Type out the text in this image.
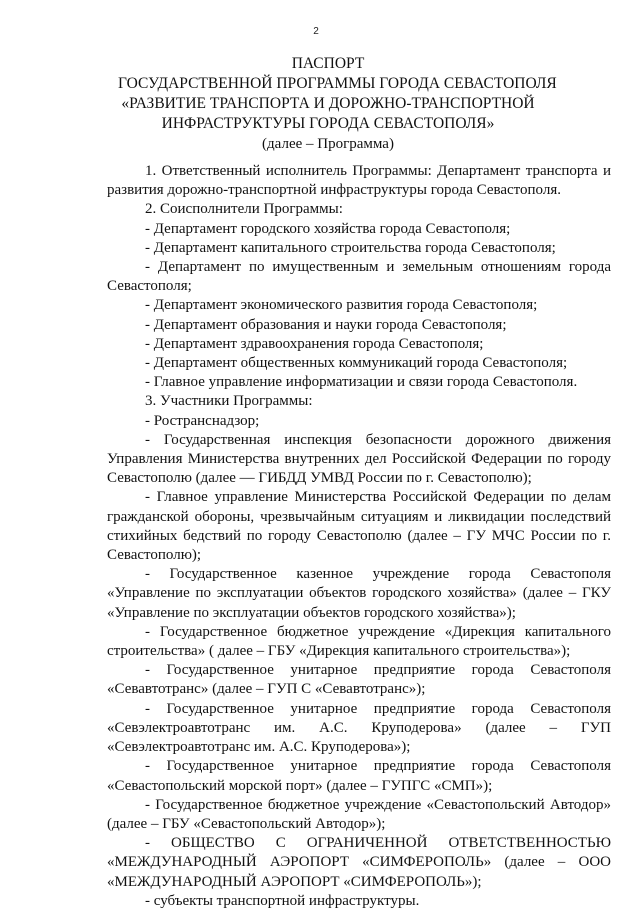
2
ПАСПОРТ
ГОСУДАРСТВЕННОЙ ПРОГРАММЫ ГОРОДА СЕВАСТОПОЛЯ
«РАЗВИТИЕ ТРАНСПОРТА И ДОРОЖНО-ТРАНСПОРТНОЙ
ИНФРАСТРУКТУРЫ ГОРОДА СЕВАСТОПОЛЯ»
(далее – Программа)

1. Ответственный исполнитель Программы: Департамент транспорта и развития дорожно-транспортной инфраструктуры города Севастополя.

2. Соисполнители Программы:

- Департамент городского хозяйства города Севастополя;

- Департамент капитального строительства города Севастополя;

- Департамент по имущественным и земельным отношениям города Севастополя;

- Департамент экономического развития города Севастополя;

- Департамент образования и науки города Севастополя;

- Департамент здравоохранения города Севастополя;

- Департамент общественных коммуникаций города Севастополя;

- Главное управление информатизации и связи города Севастополя.

3. Участники Программы:

- Ространснадзор;

- Государственная инспекция безопасности дорожного движения Управления Министерства внутренних дел Российской Федерации по городу Севастополю (далее — ГИБДД УМВД России по г. Севастополю);

- Главное управление Министерства Российской Федерации по делам гражданской обороны, чрезвычайным ситуациям и ликвидации последствий стихийных бедствий по городу Севастополю (далее – ГУ МЧС России по г. Севастополю);

- Государственное казенное учреждение города Севастополя «Управление по эксплуатации объектов городского хозяйства» (далее – ГКУ «Управление по эксплуатации объектов городского хозяйства»);

- Государственное бюджетное учреждение «Дирекция капитального строительства» ( далее – ГБУ «Дирекция капитального строительства»);

- Государственное унитарное предприятие города Севастополя «Севавтотранс» (далее – ГУП С «Севавтотранс»);

- Государственное унитарное предприятие города Севастополя «Севэлектроавтотранс им. А.С. Круподерова» (далее – ГУП «Севэлектроавтотранс им. А.С. Круподерова»);

- Государственное унитарное предприятие города Севастополя «Севастопольский морской порт» (далее – ГУПГС «СМП»);

- Государственное бюджетное учреждение «Севастопольский Автодор» (далее – ГБУ «Севастопольский Автодор»);

- ОБЩЕСТВО С ОГРАНИЧЕННОЙ ОТВЕТСТВЕННОСТЬЮ «МЕЖДУНАРОДНЫЙ АЭРОПОРТ «СИМФЕРОПОЛЬ» (далее – ООО «МЕЖДУНАРОДНЫЙ АЭРОПОРТ «СИМФЕРОПОЛЬ»);

- субъекты транспортной инфраструктуры.
